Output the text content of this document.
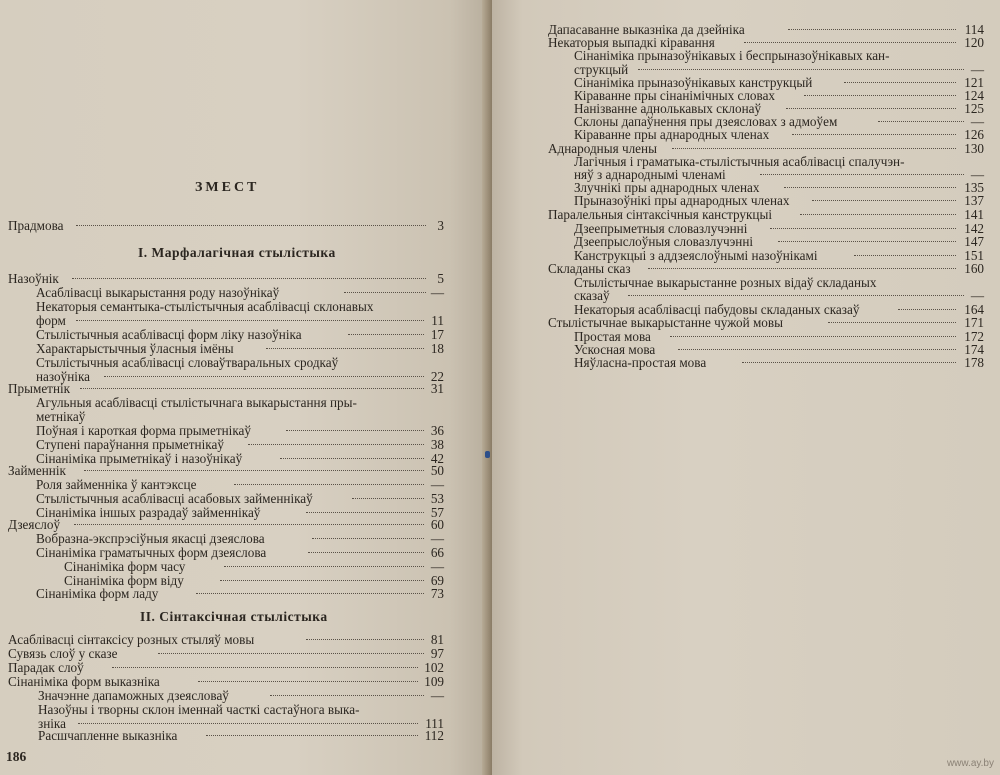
ЗМЕСТ
Прадмова	3
I. Марфалагічная стылістыка
Назоўнік	5
Асаблівасці выкарыстання роду назоўнікаў	—
Некаторыя семантыка-стылістычныя асаблівасці склонавых
форм	11
Стылістычныя асаблівасці форм ліку назоўніка	17
Характарыстычныя ўласныя імёны	18
Стылістычныя асаблівасці словаўтваральных сродкаў
назоўніка	22
Прыметнік	31
Агульныя асаблівасці стылістычнага выкарыстання пры-
метнікаў
Поўная і кароткая форма прыметнікаў	36
Ступені параўнання прыметнікаў	38
Сінаніміка прыметнікаў і назоўнікаў	42
Займеннік	50
Роля займенніка ў кантэксце	—
Стылістычныя асаблівасці асабовых займеннікаў	53
Сінаніміка іншых разрадаў займеннікаў	57
Дзеяслоў	60
Вобразна-экспрэсіўныя якасці дзеяслова	—
Сінаніміка граматычных форм дзеяслова	66
Сінаніміка форм часу	—
Сінаніміка форм віду	69
Сінаніміка форм ладу	73
II. Сінтаксічная стылістыка
Асаблівасці сінтаксісу розных стыляў мовы	81
Сувязь слоў у сказе	97
Парадак слоў	102
Сінаніміка форм выказніка	109
Значэнне дапаможных дзеясловаў	—
Назоўны і творны склон іменнай часткі састаўнога выка-
зніка	111
Расшчапленне выказніка	112
186
Дапасаванне выказніка да дзейніка	114
Некаторыя выпадкі кіравання	120
Сінаніміка прыназоўнікавых і беспрыназоўнікавых кан-
струкцый	—
Сінаніміка прыназоўнікавых канструкцый	121
Кіраванне пры сінанімічных словах	124
Нанізванне аднолькавых склонаў	125
Склоны дапаўнення пры дзеясловах з адмоўем	—
Кіраванне пры аднародных членах	126
Аднародныя члены	130
Лагічныя і граматыка-стылістычныя асаблівасці спалучэн-
няў з аднароднымі членамі	—
Злучнікі пры аднародных членах	135
Прыназоўнікі пры аднародных членах	137
Паралельныя сінтаксічныя канструкцыі	141
Дзеепрыметныя словазлучэнні	142
Дзеепрыслоўныя словазлучэнні	147
Канструкцыі з аддзеяслоўнымі назоўнікамі	151
Складаны сказ	160
Стылістычнае выкарыстанне розных відаў складаных
сказаў	—
Некаторыя асаблівасці пабудовы складаных сказаў	164
Стылістычнае выкарыстанне чужой мовы	171
Простая мова	172
Ускосная мова	174
Няўласна-простая мова	178
www.ay.by
